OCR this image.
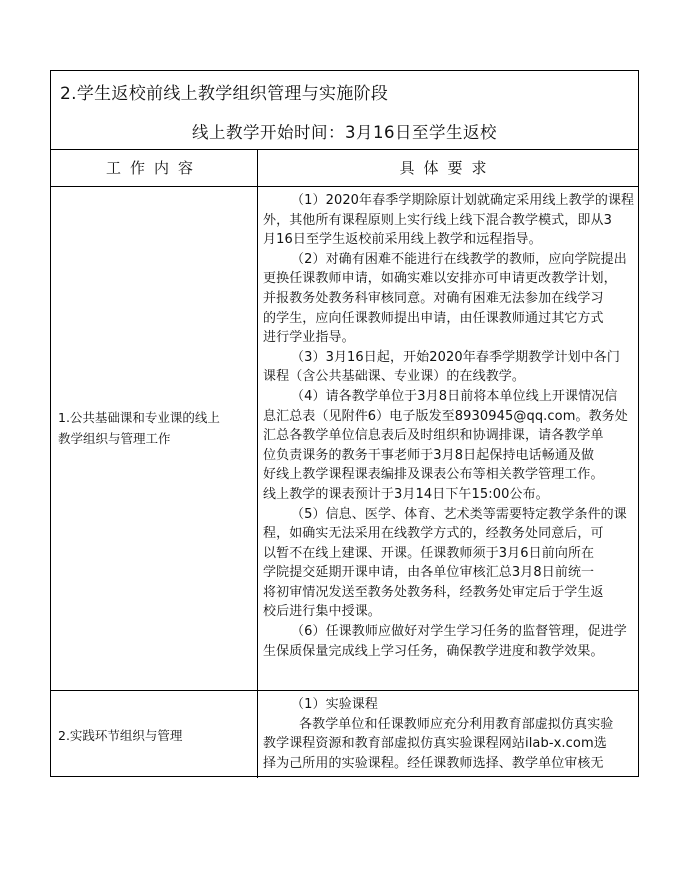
2.学生返校前线上教学组织管理与实施阶段
线上教学开始时间：3月16日至学生返校
工作内容	具体要求
1.公共基础课和专业课的线上
教学组织与管理工作
（1）2020年春季学期除原计划就确定采用线上教学的课程
外，其他所有课程原则上实行线上线下混合教学模式，即从3
月16日至学生返校前采用线上教学和远程指导。
（2）对确有困难不能进行在线教学的教师，应向学院提出
更换任课教师申请，如确实难以安排亦可申请更改教学计划，
并报教务处教务科审核同意。对确有困难无法参加在线学习
的学生，应向任课教师提出申请，由任课教师通过其它方式
进行学业指导。
（3）3月16日起，开始2020年春季学期教学计划中各门
课程（含公共基础课、专业课）的在线教学。
（4）请各教学单位于3月8日前将本单位线上开课情况信
息汇总表（见附件6）电子版发至8930945@qq.com。教务处
汇总各教学单位信息表后及时组织和协调排课，请各教学单
位负责课务的教务干事老师于3月8日起保持电话畅通及做
好线上教学课程课表编排及课表公布等相关教学管理工作。
线上教学的课表预计于3月14日下午15:00公布。
（5）信息、医学、体育、艺术类等需要特定教学条件的课
程，如确实无法采用在线教学方式的，经教务处同意后，可
以暂不在线上建课、开课。任课教师须于3月6日前向所在
学院提交延期开课申请，由各单位审核汇总3月8日前统一
将初审情况发送至教务处教务科，经教务处审定后于学生返
校后进行集中授课。
（6）任课教师应做好对学生学习任务的监督管理，促进学
生保质保量完成线上学习任务，确保教学进度和教学效果。
2.实践环节组织与管理
（1）实验课程
各教学单位和任课教师应充分利用教育部虚拟仿真实验
教学课程资源和教育部虚拟仿真实验课程网站ilab-x.com选
择为己所用的实验课程。经任课教师选择、教学单位审核无
